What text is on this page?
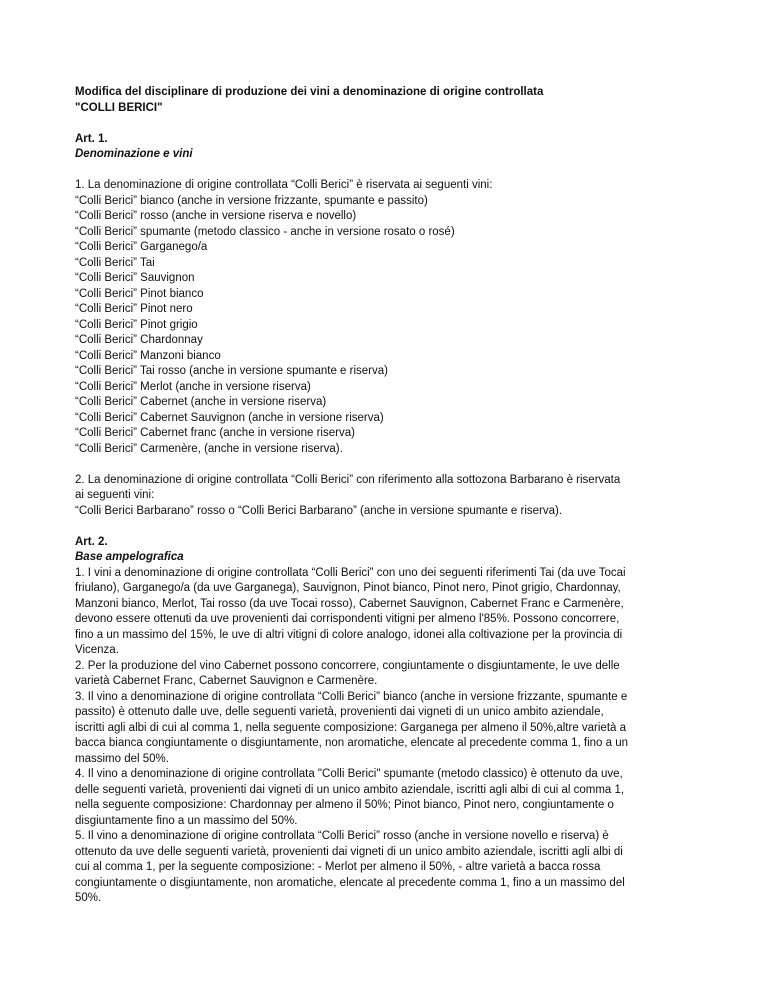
Modifica del disciplinare di produzione dei vini a denominazione di origine controllata

"COLLI BERICI"

Art. 1.

Denominazione e vini

1. La denominazione di origine controllata “Colli Berici” è riservata ai seguenti vini:

“Colli Berici” bianco (anche in versione frizzante, spumante e passito)

“Colli Berici” rosso (anche in versione riserva e novello)

“Colli Berici” spumante (metodo classico - anche in versione rosato o rosé)

“Colli Berici” Garganego/a

“Colli Berici” Tai

“Colli Berici” Sauvignon

“Colli Berici” Pinot bianco

“Colli Berici” Pinot nero

“Colli Berici” Pinot grigio

“Colli Berici” Chardonnay

“Colli Berici” Manzoni bianco

“Colli Berici” Tai rosso (anche in versione spumante e riserva)

“Colli Berici” Merlot (anche in versione riserva)

“Colli Berici” Cabernet (anche in versione riserva)

“Colli Berici” Cabernet Sauvignon (anche in versione riserva)

“Colli Berici” Cabernet franc (anche in versione riserva)

“Colli Berici” Carmenère, (anche in versione riserva).

2. La denominazione di origine controllata “Colli Berici” con riferimento alla sottozona Barbarano è riservata

ai seguenti vini:

“Colli Berici Barbarano” rosso o “Colli Berici Barbarano” (anche in versione spumante e riserva).

Art. 2.

Base ampelografica

1. I vini a denominazione di origine controllata “Colli Berici” con uno dei seguenti riferimenti Tai (da uve Tocai

friulano), Garganego/a (da uve Garganega), Sauvignon, Pinot bianco, Pinot nero, Pinot grigio, Chardonnay,

Manzoni bianco, Merlot, Tai rosso (da uve Tocai rosso), Cabernet Sauvignon, Cabernet Franc e Carmenère,

devono essere ottenuti da uve provenienti dai corrispondenti vitigni per almeno l'85%. Possono concorrere,

fino a un massimo del 15%, le uve di altri vitigni di colore analogo, idonei alla coltivazione per la provincia di

Vicenza.

2. Per la produzione del vino Cabernet possono concorrere, congiuntamente o disgiuntamente, le uve delle

varietà Cabernet Franc, Cabernet Sauvignon e Carmenère.

3. Il vino a denominazione di origine controllata “Colli Berici” bianco (anche in versione frizzante, spumante e

passito) è ottenuto dalle uve, delle seguenti varietà, provenienti dai vigneti di un unico ambito aziendale,

iscritti agli albi di cui al comma 1, nella seguente composizione: Garganega per almeno il 50%,altre varietà a

bacca bianca congiuntamente o disgiuntamente, non aromatiche, elencate al precedente comma 1, fino a un

massimo del 50%.

4. Il vino a denominazione di origine controllata "Colli Berici" spumante (metodo classico) è ottenuto da uve,

delle seguenti varietà, provenienti dai vigneti di un unico ambito aziendale, iscritti agli albi di cui al comma 1,

nella seguente composizione: Chardonnay per almeno il 50%; Pinot bianco, Pinot nero, congiuntamente o

disgiuntamente fino a un massimo del 50%.

5. Il vino a denominazione di origine controllata “Colli Berici” rosso (anche in versione novello e riserva) è

ottenuto da uve delle seguenti varietà, provenienti dai vigneti di un unico ambito aziendale, iscritti agli albi di

cui al comma 1, per la seguente composizione: - Merlot per almeno il 50%, - altre varietà a bacca rossa

congiuntamente o disgiuntamente, non aromatiche, elencate al precedente comma 1, fino a un massimo del

50%.
